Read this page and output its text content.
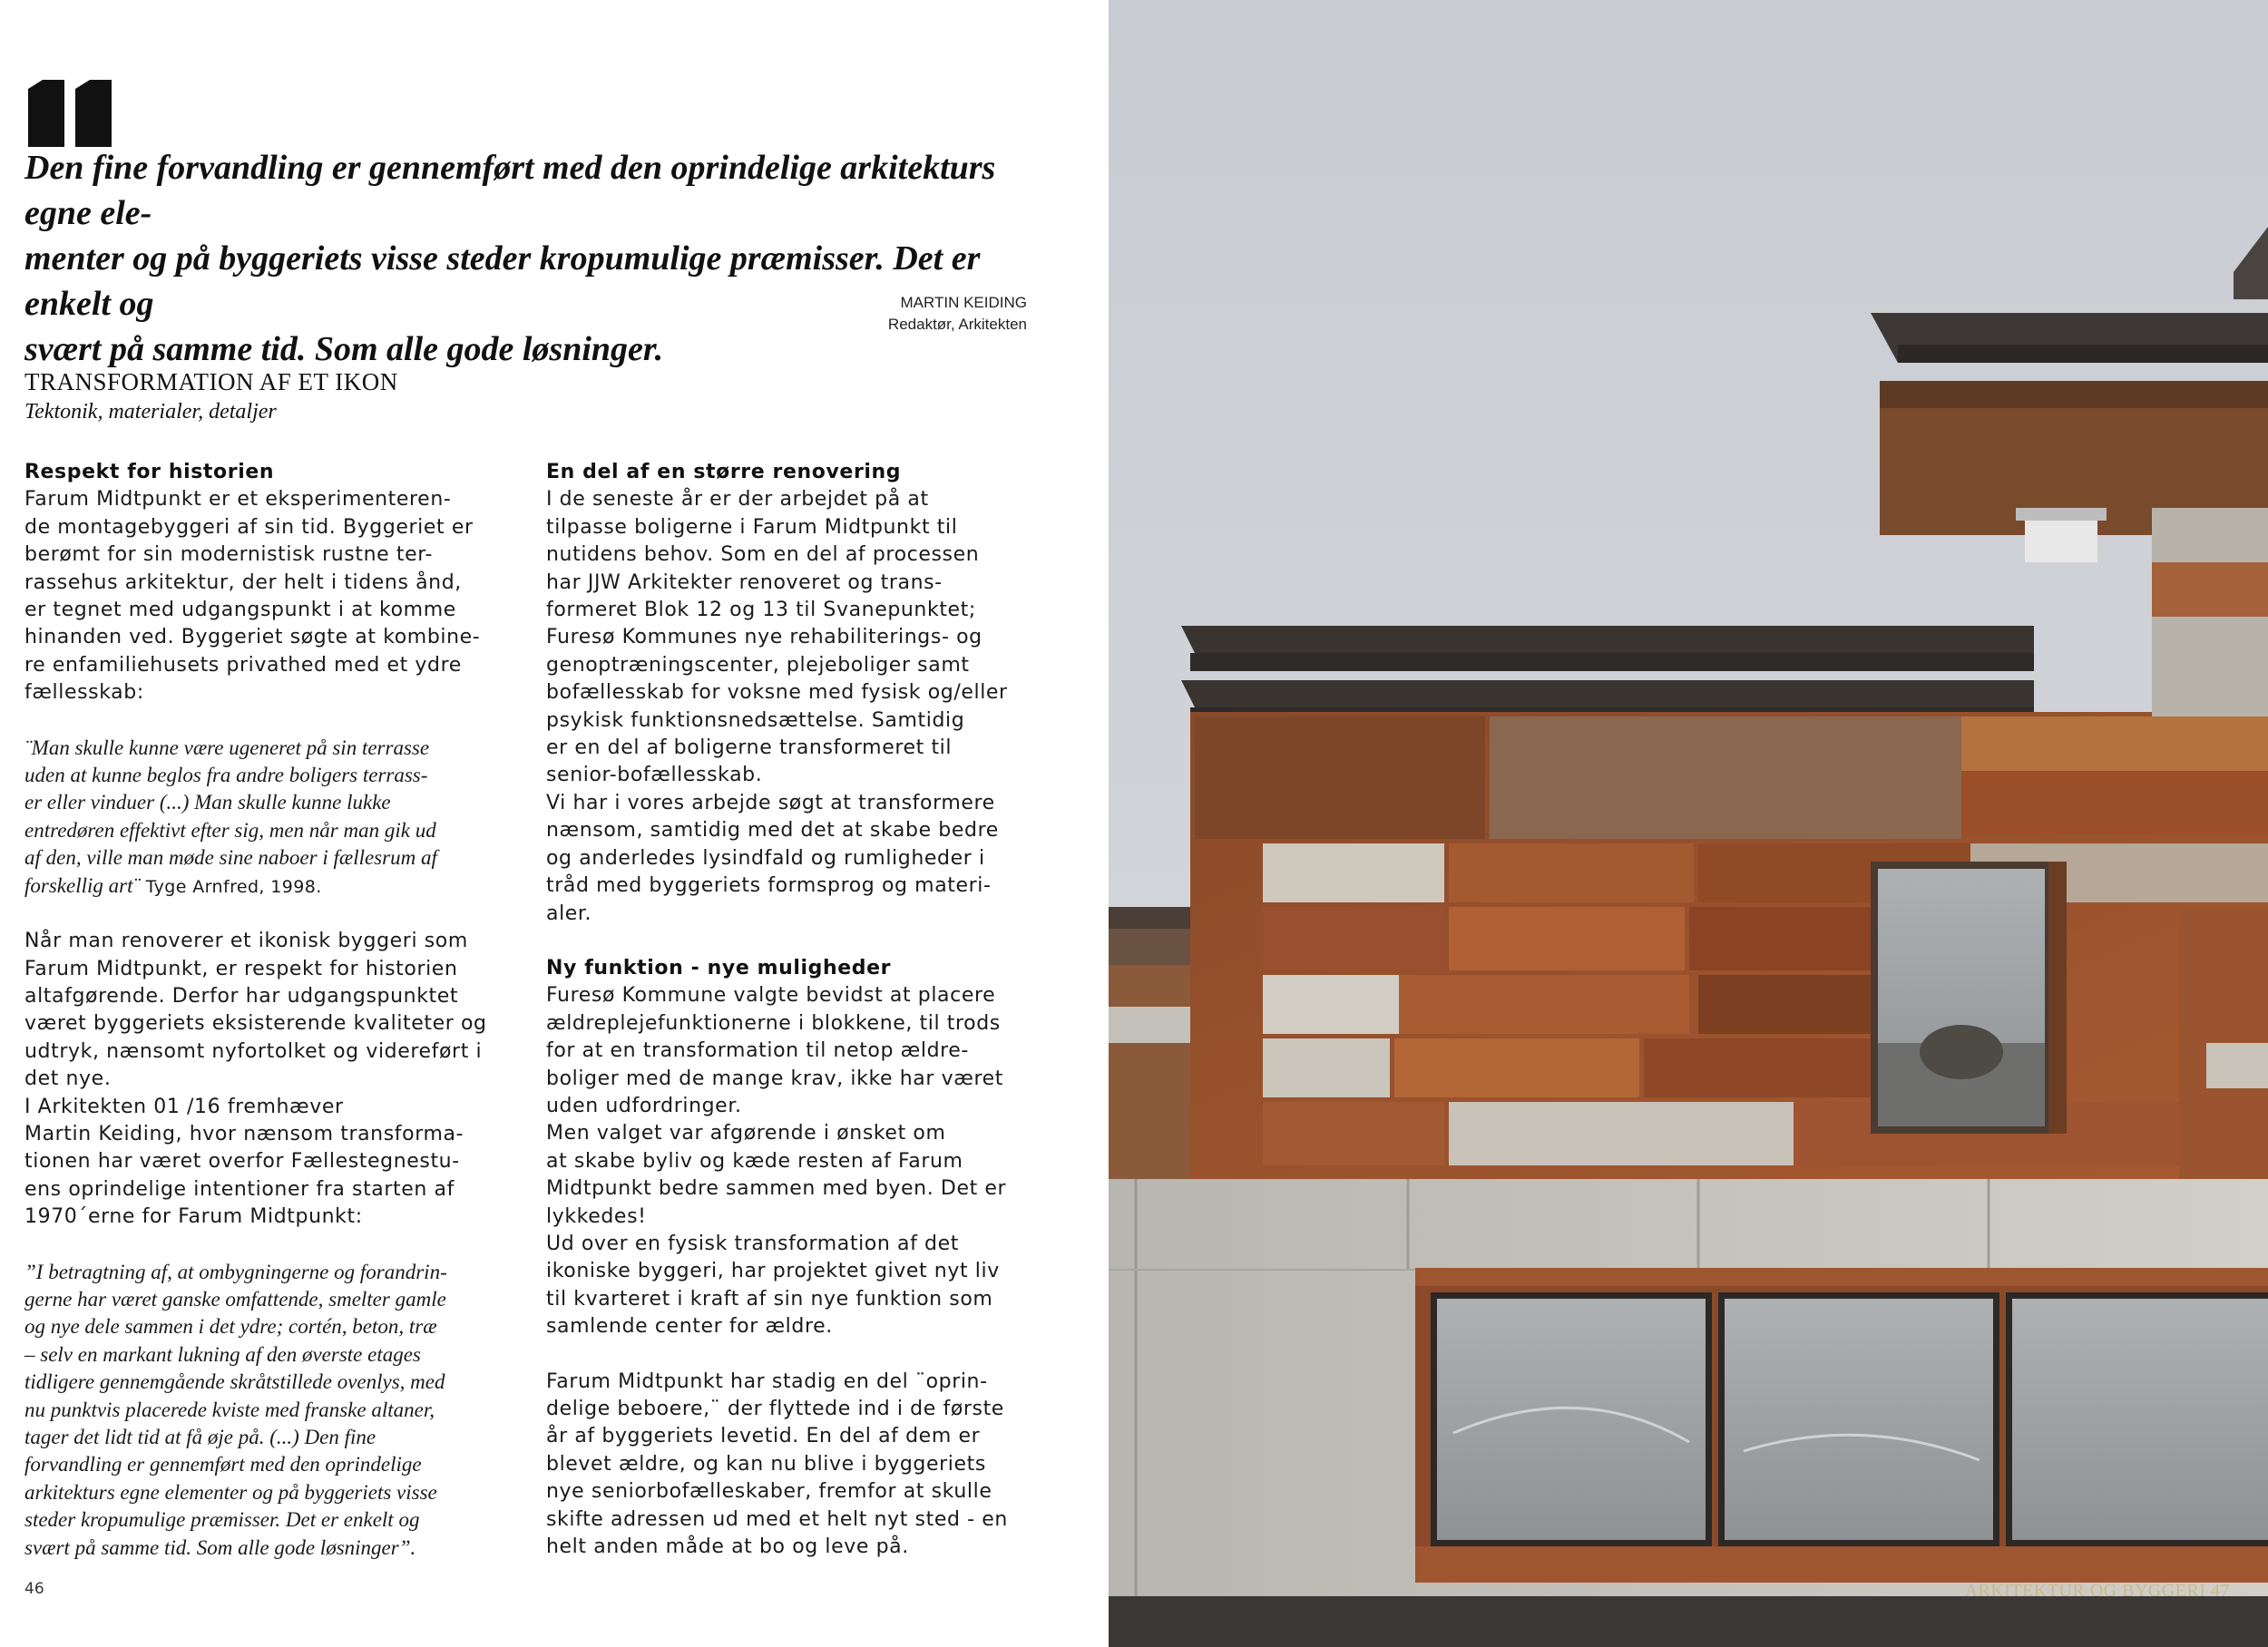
Den fine forvandling er gennemført med den oprindelige arkitekturs egne ele-
menter og på byggeriets visse steder kropumulige præmisser. Det er enkelt og
svært på samme tid. Som alle gode løsninger.

MARTIN KEIDING
Redaktør, Arkitekten
TRANSFORMATION AF ET IKON
Tektonik, materialer, detaljer
Respekt for historien
Farum Midtpunkt er et eksperimenteren-
de montagebyggeri af sin tid. Byggeriet er
berømt for sin modernistisk rustne ter-
rassehus arkitektur, der helt i tidens ånd,
er tegnet med udgangspunkt i at komme
hinanden ved. Byggeriet søgte at kombine-
re enfamiliehusets privathed med et ydre
fællesskab:
¨Man skulle kunne være ugeneret på sin terrasse
uden at kunne beglos fra andre boligers terrass-
er eller vinduer (...) Man skulle kunne lukke
entredøren effektivt efter sig, men når man gik ud
af den, ville man møde sine naboer i fællesrum af
forskellig art¨ Tyge Arnfred, 1998.
Når man renoverer et ikonisk byggeri som
Farum Midtpunkt, er respekt for historien
altafgørende. Derfor har udgangspunktet
været byggeriets eksisterende kvaliteter og
udtryk, nænsomt nyfortolket og videreført i
det nye.
I Arkitekten 01 /16 fremhæver
Martin Keiding, hvor nænsom transforma-
tionen har været overfor Fællestegnestu-
ens oprindelige intentioner fra starten af
1970´erne for Farum Midtpunkt:
”I betragtning af, at ombygningerne og forandrin-
gerne har været ganske omfattende, smelter gamle
og nye dele sammen i det ydre; cortén, beton, træ
– selv en markant lukning af den øverste etages
tidligere gennemgående skråtstillede ovenlys, med
nu punktvis placerede kviste med franske altaner,
tager det lidt tid at få øje på. (...) Den fine
forvandling er gennemført med den oprindelige
arkitekturs egne elementer og på byggeriets visse
steder kropumulige præmisser. Det er enkelt og
svært på samme tid. Som alle gode løsninger”.
En del af en større renovering
I de seneste år er der arbejdet på at
tilpasse boligerne i Farum Midtpunkt til
nutidens behov. Som en del af processen
har JJW Arkitekter renoveret og trans-
formeret Blok 12 og 13 til Svanepunktet;
Furesø Kommunes nye rehabiliterings- og
genoptræningscenter, plejeboliger samt
bofællesskab for voksne med fysisk og/eller
psykisk funktionsnedsættelse. Samtidig
er en del af boligerne transformeret til
senior-bofællesskab.
Vi har i vores arbejde søgt at transformere
nænsom, samtidig med det at skabe bedre
og anderledes lysindfald og rumligheder i
tråd med byggeriets formsprog og materi-
aler.
Ny funktion - nye muligheder
Furesø Kommune valgte bevidst at placere
ældreplejefunktionerne i blokkene, til trods
for at en transformation til netop ældre-
boliger med de mange krav, ikke har været
uden udfordringer.
Men valget var afgørende i ønsket om
at skabe byliv og kæde resten af Farum
Midtpunkt bedre sammen med byen. Det er
lykkedes!
Ud over en fysisk transformation af det
ikoniske byggeri, har projektet givet nyt liv
til kvarteret i kraft af sin nye funktion som
samlende center for ældre.
Farum Midtpunkt har stadig en del ¨oprin-
delige beboere,¨ der flyttede ind i de første
år af byggeriets levetid. En del af dem er
blevet ældre, og kan nu blive i byggeriets
nye seniorbofælleskaber, fremfor at skulle
skifte adressen ud med et helt nyt sted - en
helt anden måde at bo og leve på.
46	ARKITEKTUR OG BYGGERI 47
